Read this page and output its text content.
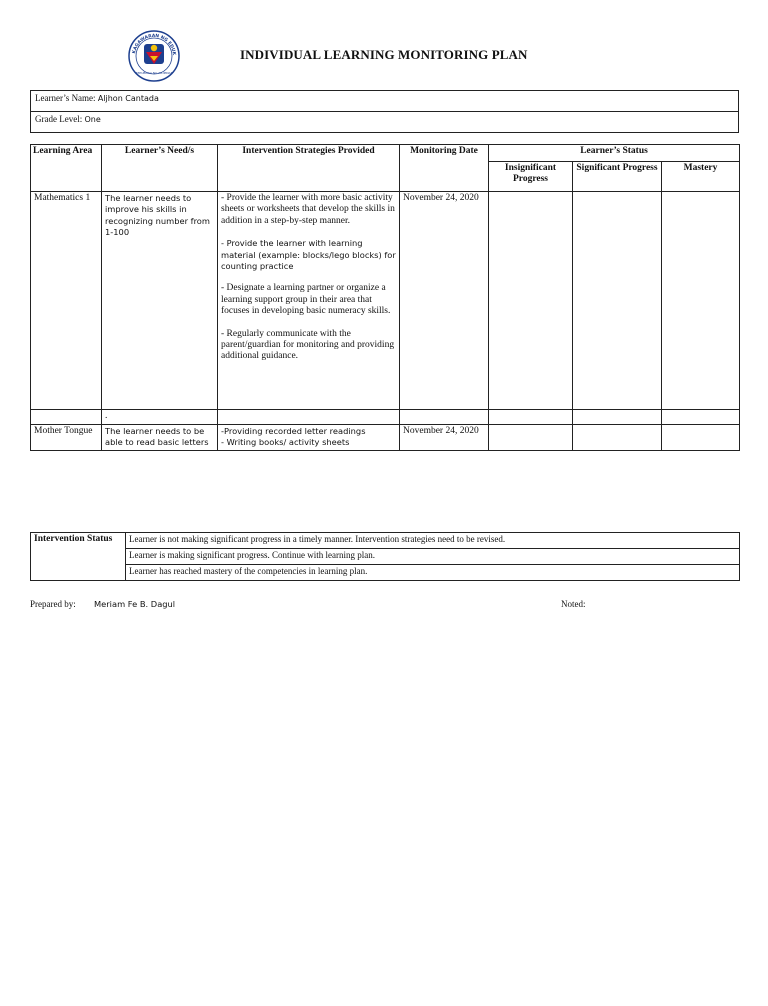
KAGAWARAN NG EDUK
REPUBLIKA NG PILIPINAS
INDIVIDUAL LEARNING MONITORING PLAN
Learner’s Name: Aljhon Cantada
Grade Level: One
Learning Area	Learner’s Need/s	Intervention Strategies Provided	Monitoring Date	Learner’s Status		
				Insignificant Progress	Significant Progress	Mastery
Mathematics 1	The learner needs to improve his skills in recognizing number from 1-100	- Provide the learner with more basic activity sheets or worksheets that develop the skills in addition in a step-by-step manner.

- Provide the learner with learning material (example: blocks/lego blocks) for counting practice

- Designate a learning partner or organize a learning support group in their area that focuses in developing basic numeracy skills.

- Regularly communicate with the parent/guardian for monitoring and providing additional guidance.	November 24, 2020			
	.					
Mother Tongue	The learner needs to be able to read basic letters	-Providing recorded letter readings
- Writing books/ activity sheets	November 24, 2020			
Intervention Status	Learner is not making significant progress in a timely manner. Intervention strategies need to be revised.
Learner is making significant progress. Continue with learning plan.
Learner has reached mastery of the competencies in learning plan.
Prepared by: Meriam Fe B. Dagul	Noted:
